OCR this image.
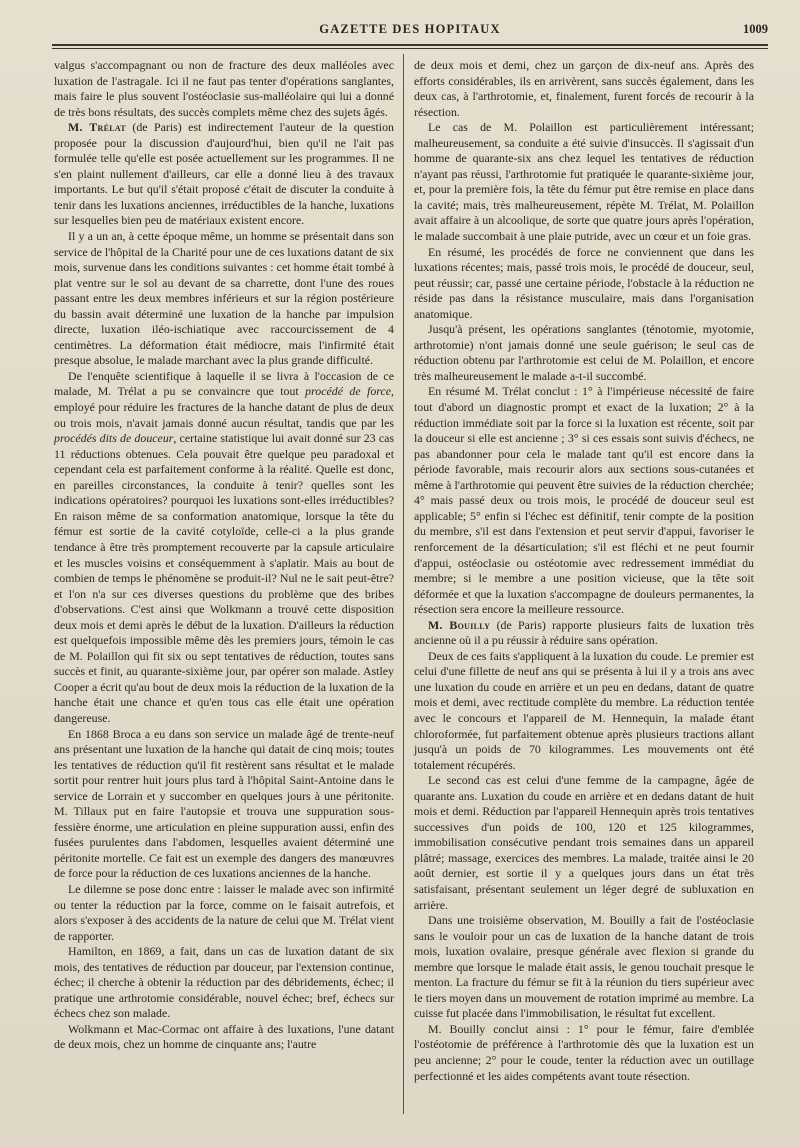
GAZETTE DES HOPITAUX	1009

valgus s'accompagnant ou non de fracture des deux malléoles avec luxation de l'astragale. Ici il ne faut pas tenter d'opérations sanglantes, mais faire le plus souvent l'ostéoclasie sus-malléolaire qui lui a donné de très bons résultats, des succès complets même chez des sujets âgés.

M. Trélat (de Paris) est indirectement l'auteur de la question proposée pour la discussion d'aujourd'hui, bien qu'il ne l'ait pas formulée telle qu'elle est posée actuellement sur les programmes. Il ne s'en plaint nullement d'ailleurs, car elle a donné lieu à des travaux importants. Le but qu'il s'était proposé c'était de discuter la conduite à tenir dans les luxations anciennes, irréductibles de la hanche, luxations sur lesquelles bien peu de matériaux existent encore.

Il y a un an, à cette époque même, un homme se présentait dans son service de l'hôpital de la Charité pour une de ces luxations datant de six mois, survenue dans les conditions suivantes : cet homme était tombé à plat ventre sur le sol au devant de sa charrette, dont l'une des roues passant entre les deux membres inférieurs et sur la région postérieure du bassin avait déterminé une luxation de la hanche par impulsion directe, luxation iléo-ischiatique avec raccourcissement de 4 centimètres. La déformation était médiocre, mais l'infirmité était presque absolue, le malade marchant avec la plus grande difficulté.

De l'enquête scientifique à laquelle il se livra à l'occasion de ce malade, M. Trélat a pu se convaincre que tout procédé de force, employé pour réduire les fractures de la hanche datant de plus de deux ou trois mois, n'avait jamais donné aucun résultat, tandis que par les procédés dits de douceur, certaine statistique lui avait donné sur 23 cas 11 réductions obtenues. Cela pouvait être quelque peu paradoxal et cependant cela est parfaitement conforme à la réalité. Quelle est donc, en pareilles circonstances, la conduite à tenir? quelles sont les indications opératoires? pourquoi les luxations sont-elles irréductibles? En raison même de sa conformation anatomique, lorsque la tête du fémur est sortie de la cavité cotyloïde, celle-ci a la plus grande tendance à être très promptement recouverte par la capsule articulaire et les muscles voisins et conséquemment à s'aplatir. Mais au bout de combien de temps le phénomène se produit-il? Nul ne le sait peut-être? et l'on n'a sur ces diverses questions du problème que des bribes d'observations. C'est ainsi que Wolkmann a trouvé cette disposition deux mois et demi après le début de la luxation. D'ailleurs la réduction est quelquefois impossible même dès les premiers jours, témoin le cas de M. Polaillon qui fit six ou sept tentatives de réduction, toutes sans succès et finit, au quarante-sixième jour, par opérer son malade. Astley Cooper a écrit qu'au bout de deux mois la réduction de la luxation de la hanche était une chance et qu'en tous cas elle était une opération dangereuse.

En 1868 Broca a eu dans son service un malade âgé de trente-neuf ans présentant une luxation de la hanche qui datait de cinq mois; toutes les tentatives de réduction qu'il fit restèrent sans résultat et le malade sortit pour rentrer huit jours plus tard à l'hôpital Saint-Antoine dans le service de Lorrain et y succomber en quelques jours à une péritonite. M. Tillaux put en faire l'autopsie et trouva une suppuration sous-fessière énorme, une articulation en pleine suppuration aussi, enfin des fusées purulentes dans l'abdomen, lesquelles avaient déterminé une péritonite mortelle. Ce fait est un exemple des dangers des manœuvres de force pour la réduction de ces luxations anciennes de la hanche.

Le dilemne se pose donc entre : laisser le malade avec son infirmité ou tenter la réduction par la force, comme on le faisait autrefois, et alors s'exposer à des accidents de la nature de celui que M. Trélat vient de rapporter.

Hamilton, en 1869, a fait, dans un cas de luxation datant de six mois, des tentatives de réduction par douceur, par l'extension continue, échec; il cherche à obtenir la réduction par des débridements, échec; il pratique une arthrotomie considérable, nouvel échec; bref, échecs sur échecs chez son malade.

Wolkmann et Mac-Cormac ont affaire à des luxations, l'une datant de deux mois, chez un homme de cinquante ans; l'autre

de deux mois et demi, chez un garçon de dix-neuf ans. Après des efforts considérables, ils en arrivèrent, sans succès également, dans les deux cas, à l'arthrotomie, et, finalement, furent forcés de recourir à la résection.

Le cas de M. Polaillon est particulièrement intéressant; malheureusement, sa conduite a été suivie d'insuccès. Il s'agissait d'un homme de quarante-six ans chez lequel les tentatives de réduction n'ayant pas réussi, l'arthrotomie fut pratiquée le quarante-sixième jour, et, pour la première fois, la tête du fémur put être remise en place dans la cavité; mais, très malheureusement, répète M. Trélat, M. Polaillon avait affaire à un alcoolique, de sorte que quatre jours après l'opération, le malade succombait à une plaie putride, avec un cœur et un foie gras.

En résumé, les procédés de force ne conviennent que dans les luxations récentes; mais, passé trois mois, le procédé de douceur, seul, peut réussir; car, passé une certaine période, l'obstacle à la réduction ne réside pas dans la résistance musculaire, mais dans l'organisation anatomique.

Jusqu'à présent, les opérations sanglantes (ténotomie, myotomie, arthrotomie) n'ont jamais donné une seule guérison; le seul cas de réduction obtenu par l'arthrotomie est celui de M. Polaillon, et encore très malheureusement le malade a-t-il succombé.

En résumé M. Trélat conclut : 1° à l'impérieuse nécessité de faire tout d'abord un diagnostic prompt et exact de la luxation; 2° à la réduction immédiate soit par la force si la luxation est récente, soit par la douceur si elle est ancienne ; 3° si ces essais sont suivis d'échecs, ne pas abandonner pour cela le malade tant qu'il est encore dans la période favorable, mais recourir alors aux sections sous-cutanées et même à l'arthrotomie qui peuvent être suivies de la réduction cherchée; 4° mais passé deux ou trois mois, le procédé de douceur seul est applicable; 5° enfin si l'échec est définitif, tenir compte de la position du membre, s'il est dans l'extension et peut servir d'appui, favoriser le renforcement de la désarticulation; s'il est fléchi et ne peut fournir d'appui, ostéoclasie ou ostéotomie avec redressement immédiat du membre; si le membre a une position vicieuse, que la tête soit déformée et que la luxation s'accompagne de douleurs permanentes, la résection sera encore la meilleure ressource.

M. Bouilly (de Paris) rapporte plusieurs faits de luxation très ancienne où il a pu réussir à réduire sans opération.

Deux de ces faits s'appliquent à la luxation du coude. Le premier est celui d'une fillette de neuf ans qui se présenta à lui il y a trois ans avec une luxation du coude en arrière et un peu en dedans, datant de quatre mois et demi, avec rectitude complète du membre. La réduction tentée avec le concours et l'appareil de M. Hennequin, la malade étant chloroformée, fut parfaitement obtenue après plusieurs tractions allant jusqu'à un poids de 70 kilogrammes. Les mouvements ont été totalement récupérés.

Le second cas est celui d'une femme de la campagne, âgée de quarante ans. Luxation du coude en arrière et en dedans datant de huit mois et demi. Réduction par l'appareil Hennequin après trois tentatives successives d'un poids de 100, 120 et 125 kilogrammes, immobilisation consécutive pendant trois semaines dans un appareil plâtré; massage, exercices des membres. La malade, traitée ainsi le 20 août dernier, est sortie il y a quelques jours dans un état très satisfaisant, présentant seulement un léger degré de subluxation en arrière.

Dans une troisième observation, M. Bouilly a fait de l'ostéoclasie sans le vouloir pour un cas de luxation de la hanche datant de trois mois, luxation ovalaire, presque générale avec flexion si grande du membre que lorsque le malade était assis, le genou touchait presque le menton. La fracture du fémur se fit à la réunion du tiers supérieur avec le tiers moyen dans un mouvement de rotation imprimé au membre. La cuisse fut placée dans l'immobilisation, le résultat fut excellent.

M. Bouilly conclut ainsi : 1° pour le fémur, faire d'emblée l'ostéotomie de préférence à l'arthrotomie dès que la luxation est un peu ancienne; 2° pour le coude, tenter la réduction avec un outillage perfectionné et les aides compétents avant toute résection.
